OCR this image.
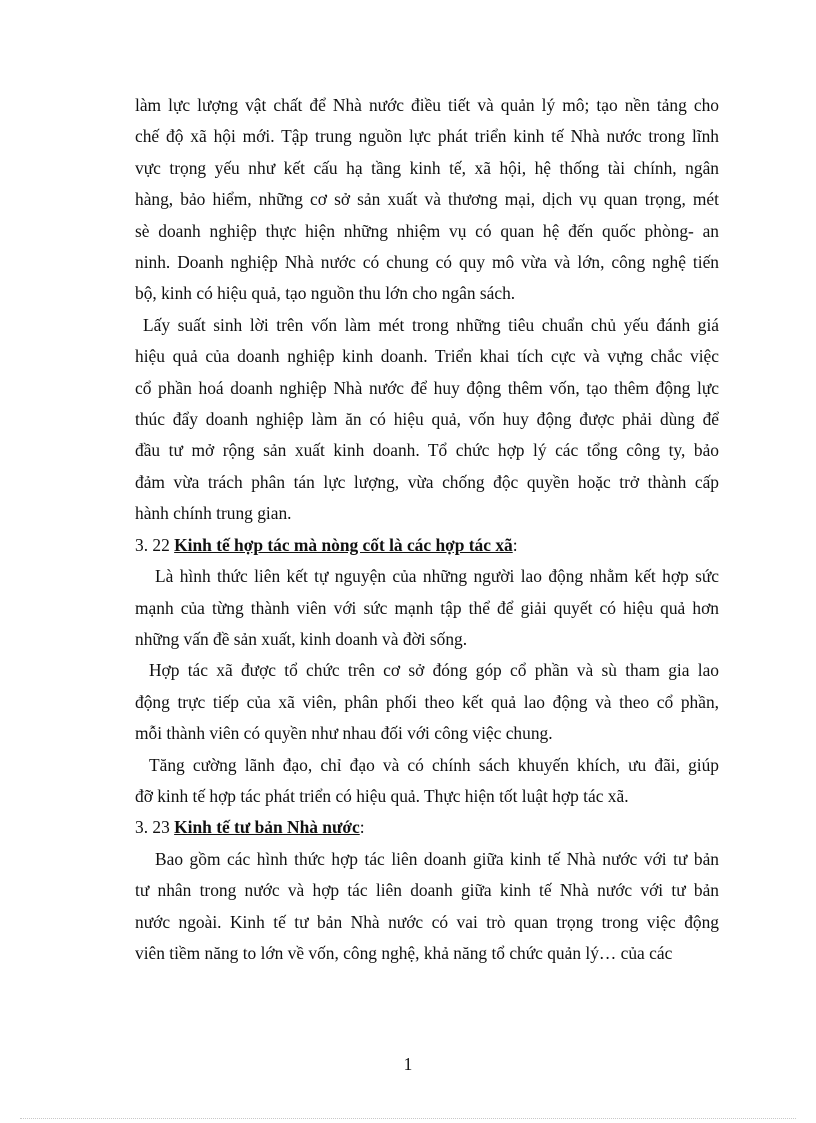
làm lực lượng vật chất để Nhà nước điều tiết và quản lý mô; tạo nền tảng cho
chế độ xã hội mới. Tập trung nguồn lực phát triển kinh tế Nhà nước trong lĩnh
vực trọng yếu như kết cấu hạ tầng kinh tế, xã hội, hệ thống tài chính, ngân
hàng, bảo hiểm, những cơ sở sản xuất và thương mại, dịch vụ quan trọng, mét
sè doanh nghiệp thực hiện những nhiệm vụ có quan hệ đến quốc phòng- an
ninh. Doanh nghiệp Nhà nước có chung có quy mô vừa và lớn, công nghệ tiến
bộ, kinh có hiệu quả, tạo nguồn thu lớn cho ngân sách.

Lấy suất sinh lời trên vốn làm mét trong những tiêu chuẩn chủ yếu đánh giá
hiệu quả của doanh nghiệp kinh doanh. Triển khai tích cực và vựng chắc việc
cổ phần hoá doanh nghiệp Nhà nước để huy động thêm vốn, tạo thêm động lực
thúc đẩy doanh nghiệp làm ăn có hiệu quả, vốn huy động được phải dùng để
đầu tư mở rộng sản xuất kinh doanh. Tổ chức hợp lý các tổng công ty, bảo
đảm vừa trách phân tán lực lượng, vừa chống độc quyền hoặc trở thành cấp
hành chính trung gian.

3. 22 Kinh tế hợp tác mà nòng cốt là các hợp tác xã:

Là hình thức liên kết tự nguyện của những người lao động nhằm kết hợp sức
mạnh của từng thành viên với sức mạnh tập thể để giải quyết có hiệu quả hơn
những vấn đề sản xuất, kinh doanh và đời sống.

Hợp tác xã được tổ chức trên cơ sở đóng góp cổ phần và sù tham gia lao
động trực tiếp của xã viên, phân phối theo kết quả lao động và theo cổ phần,
mỗi thành viên có quyền như nhau đối với công việc chung.

Tăng cường lãnh đạo, chỉ đạo và có chính sách khuyến khích, ưu đãi, giúp
đỡ kinh tế hợp tác phát triển có hiệu quả. Thực hiện tốt luật hợp tác xã.

3. 23 Kinh tế tư bản Nhà nước:

Bao gồm các hình thức hợp tác liên doanh giữa kinh tế Nhà nước với tư bản
tư nhân trong nước và hợp tác liên doanh giữa kinh tế Nhà nước với tư bản
nước ngoài. Kinh tế tư bản Nhà nước có vai trò quan trọng trong việc động
viên tiềm năng to lớn về vốn, công nghệ, khả năng tổ chức quản lý… của các

1
